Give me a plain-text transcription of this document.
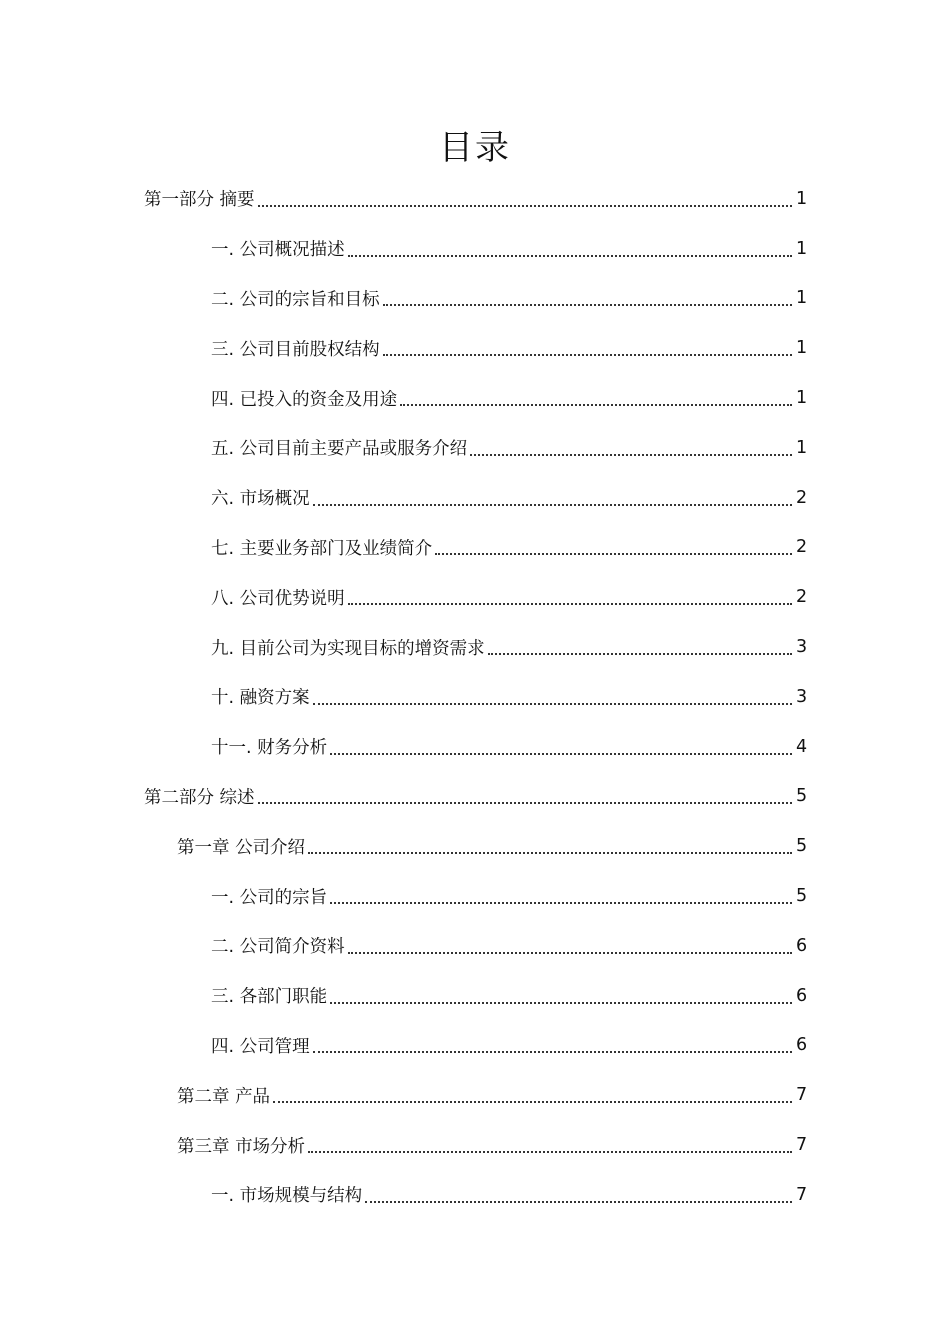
目录
第一部分 摘要	1
一. 公司概况描述	1
二. 公司的宗旨和目标	1
三. 公司目前股权结构	1
四. 已投入的资金及用途	1
五. 公司目前主要产品或服务介绍	1
六. 市场概况	2
七. 主要业务部门及业绩简介	2
八. 公司优势说明	2
九. 目前公司为实现目标的增资需求	3
十. 融资方案	3
十一. 财务分析	4
第二部分 综述	5
第一章 公司介绍	5
一. 公司的宗旨	5
二. 公司简介资料	6
三. 各部门职能	6
四. 公司管理	6
第二章 产品	7
第三章 市场分析	7
一. 市场规模与结构	7
